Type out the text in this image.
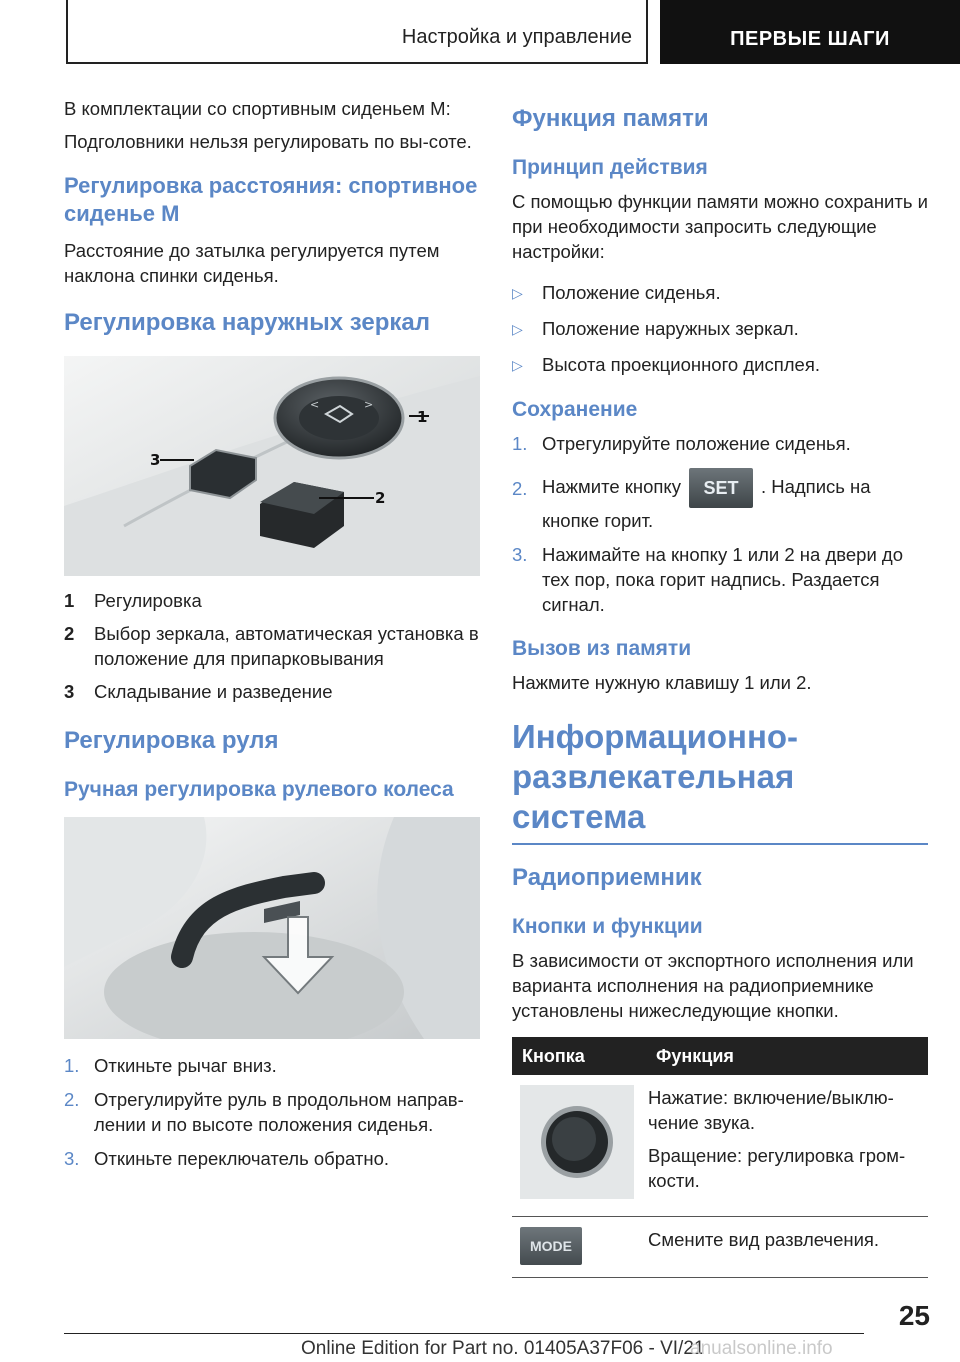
Настройка и управление	ПЕРВЫЕ ШАГИ

В комплектации со спортивным сиденьем M:

Подголовники нельзя регулировать по вы-соте.

Регулировка расстояния: спортивное сиденье M

Расстояние до затылка регулируется путем наклона спинки сиденья.

Регулировка наружных зеркал
<	>
1
2
3
1	Регулировка
2	Выбор зеркала, автоматическая установка в положение для припарковывания
3	Складывание и разведение
Регулировка руля
Ручная регулировка рулевого колеса
1. Откиньте рычаг вниз.
2. Отрегулируйте руль в продольном направ-лении и по высоте положения сиденья.
3. Откиньте переключатель обратно.
Функция памяти
Принцип действия

С помощью функции памяти можно сохранить и при необходимости запросить следующие настройки:

▷	Положение сиденья.
▷	Положение наружных зеркал.
▷	Высота проекционного дисплея.
Сохранение
1. Отрегулируйте положение сиденья.
2. Нажмите кнопку SET . Надпись на кнопке горит.
3. Нажимайте на кнопку 1 или 2 на двери до тех пор, пока горит надпись. Раздается сигнал.
Вызов из памяти

Нажмите нужную клавишу 1 или 2.

Информационно-развлекательная система
Радиоприемник
Кнопки и функции

В зависимости от экспортного исполнения или варианта исполнения на радиоприемнике установлены нижеследующие кнопки.

Кнопка	Функция

Нажатие: включение/выклю-чение звука.

Вращение: регулировка гром-кости.

MODE	Смените вид развлечения.

25
Online Edition for Part no. 01405A37F06 - VI/21
anualsonline.info
